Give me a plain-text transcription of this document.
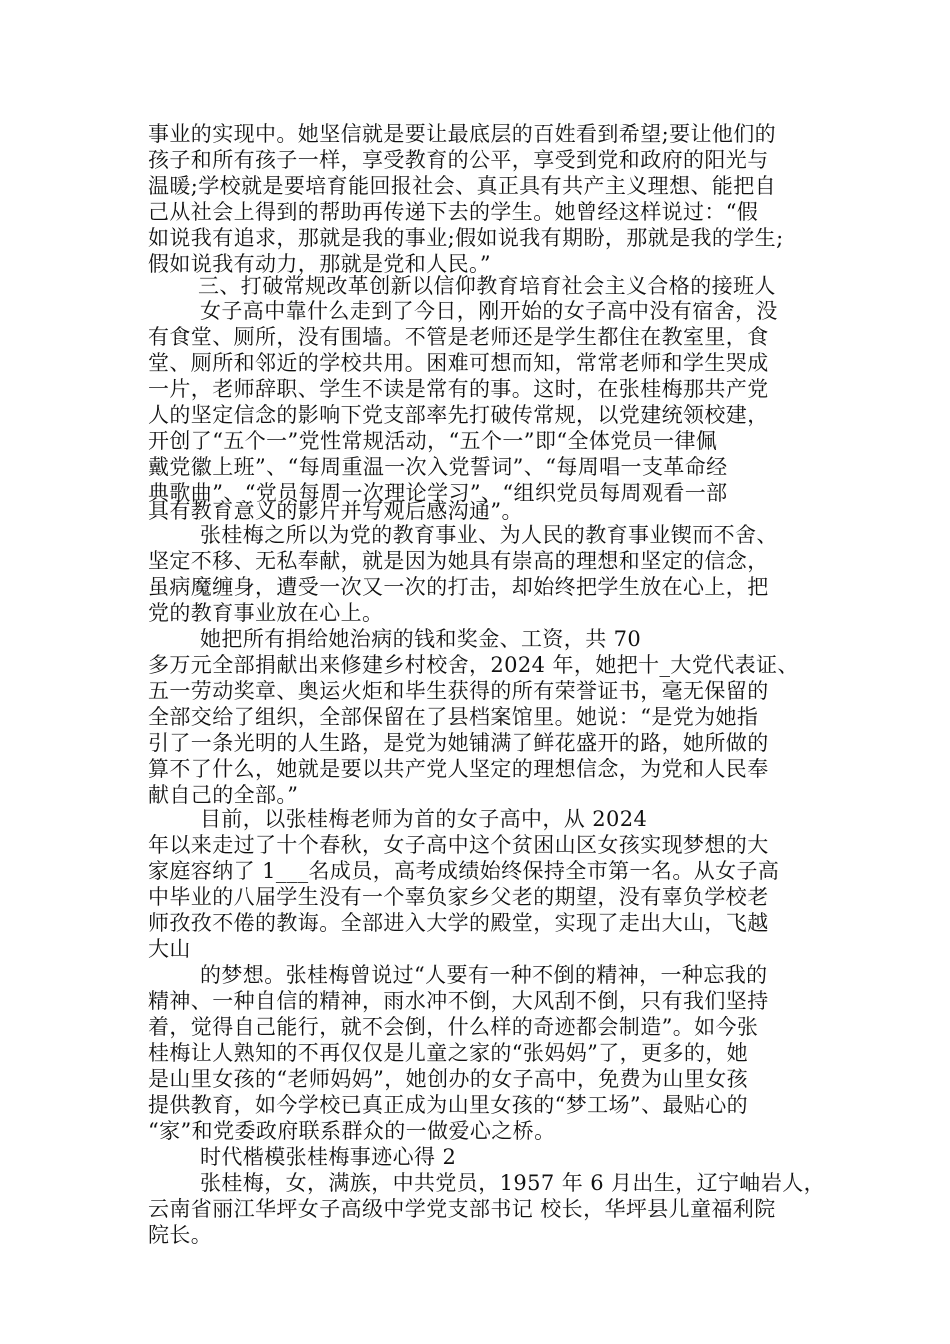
事业的实现中。她坚信就是要让最底层的百姓看到希望;要让他们的
孩子和所有孩子一样，享受教育的公平，享受到党和政府的阳光与
温暖;学校就是要培育能回报社会、真正具有共产主义理想、能把自
己从社会上得到的帮助再传递下去的学生。她曾经这样说过：“假
如说我有追求，那就是我的事业;假如说我有期盼，那就是我的学生;
假如说我有动力，那就是党和人民。”
三、打破常规改革创新以信仰教育培育社会主义合格的接班人
女子高中靠什么走到了今日，刚开始的女子高中没有宿舍，没
有食堂、厕所，没有围墙。不管是老师还是学生都住在教室里，食
堂、厕所和邻近的学校共用。困难可想而知，常常老师和学生哭成
一片，老师辞职、学生不读是常有的事。这时，在张桂梅那共产党
人的坚定信念的影响下党支部率先打破传常规，以党建统领校建，
开创了“五个一”党性常规活动，“五个一”即“全体党员一律佩
戴党徽上班”、“每周重温一次入党誓词”、“每周唱一支革命经
典歌曲”、“党员每周一次理论学习”、“组织党员每周观看一部
具有教育意义的影片并写观后感沟通”。
张桂梅之所以为党的教育事业、为人民的教育事业锲而不舍、
坚定不移、无私奉献，就是因为她具有崇高的理想和坚定的信念，
虽病魔缠身，遭受一次又一次的打击，却始终把学生放在心上，把
党的教育事业放在心上。
她把所有捐给她治病的钱和奖金、工资，共 70
多万元全部捐献出来修建乡村校舍，2024 年，她把十_大党代表证、
五一劳动奖章、奥运火炬和毕生获得的所有荣誉证书，毫无保留的
全部交给了组织，全部保留在了县档案馆里。她说：“是党为她指
引了一条光明的人生路，是党为她铺满了鲜花盛开的路，她所做的
算不了什么，她就是要以共产党人坚定的理想信念，为党和人民奉
献自己的全部。”
目前，以张桂梅老师为首的女子高中，从 2024
年以来走过了十个春秋，女子高中这个贫困山区女孩实现梦想的大
家庭容纳了 1___名成员，高考成绩始终保持全市第一名。从女子高
中毕业的八届学生没有一个辜负家乡父老的期望，没有辜负学校老
师孜孜不倦的教诲。全部进入大学的殿堂，实现了走出大山，飞越
大山
的梦想。张桂梅曾说过“人要有一种不倒的精神，一种忘我的
精神、一种自信的精神，雨水冲不倒，大风刮不倒，只有我们坚持
着，觉得自己能行，就不会倒，什么样的奇迹都会制造”。如今张
桂梅让人熟知的不再仅仅是儿童之家的“张妈妈”了，更多的，她
是山里女孩的“老师妈妈”，她创办的女子高中，免费为山里女孩
提供教育，如今学校已真正成为山里女孩的“梦工场”、最贴心的
“家”和党委政府联系群众的一做爱心之桥。
时代楷模张桂梅事迹心得 2
张桂梅，女，满族，中共党员，1957 年 6 月出生，辽宁岫岩人，
云南省丽江华坪女子高级中学党支部书记 校长，华坪县儿童福利院
院长。
